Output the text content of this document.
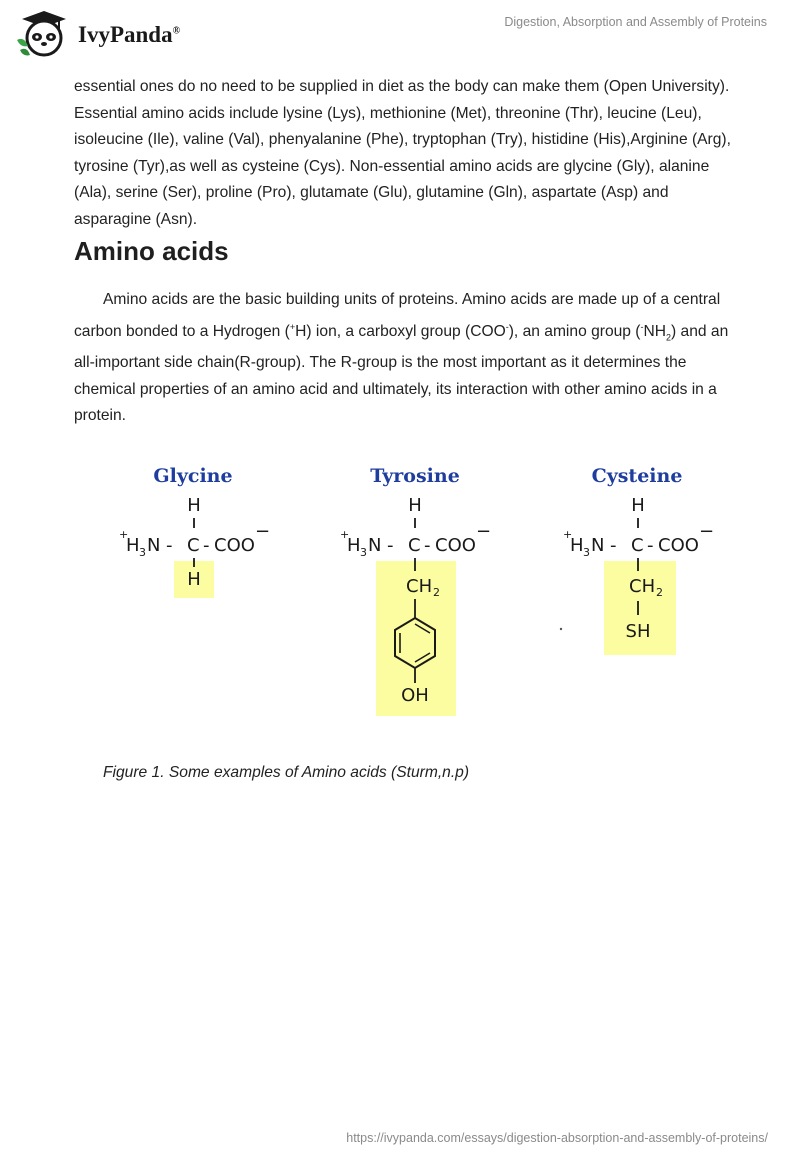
IvyPanda®
Digestion, Absorption and Assembly of Proteins
essential ones do no need to be supplied in diet as the body can make them (Open University). Essential amino acids include lysine (Lys), methionine (Met), threonine (Thr), leucine (Leu), isoleucine (Ile), valine (Val), phenyalanine (Phe), tryptophan (Try), histidine (His),Arginine (Arg), tyrosine (Tyr),as well as cysteine (Cys). Non-essential amino acids are glycine (Gly), alanine (Ala), serine (Ser), proline (Pro), glutamate (Glu), glutamine (Gln), aspartate (Asp) and asparagine (Asn).
Amino acids
Amino acids are the basic building units of proteins. Amino acids are made up of a central carbon bonded to a Hydrogen (+H) ion, a carboxyl group (COO-), an amino group $(^-NH_2)$ and an all-important side chain(R-group). The R-group is the most important as it determines the chemical properties of an amino acid and ultimately, its interaction with other amino acids in a protein.
Glycine
H
+
H 3 N - C - COO
−
H
Tyrosine
H
+
H 3 N - C - COO
−
CH 2
OH
Cysteine
H
+
H 3 N - C - COO
−
CH 2
SH
Figure 1. Some examples of Amino acids (Sturm,n.p)
https://ivypanda.com/essays/digestion-absorption-and-assembly-of-proteins/
